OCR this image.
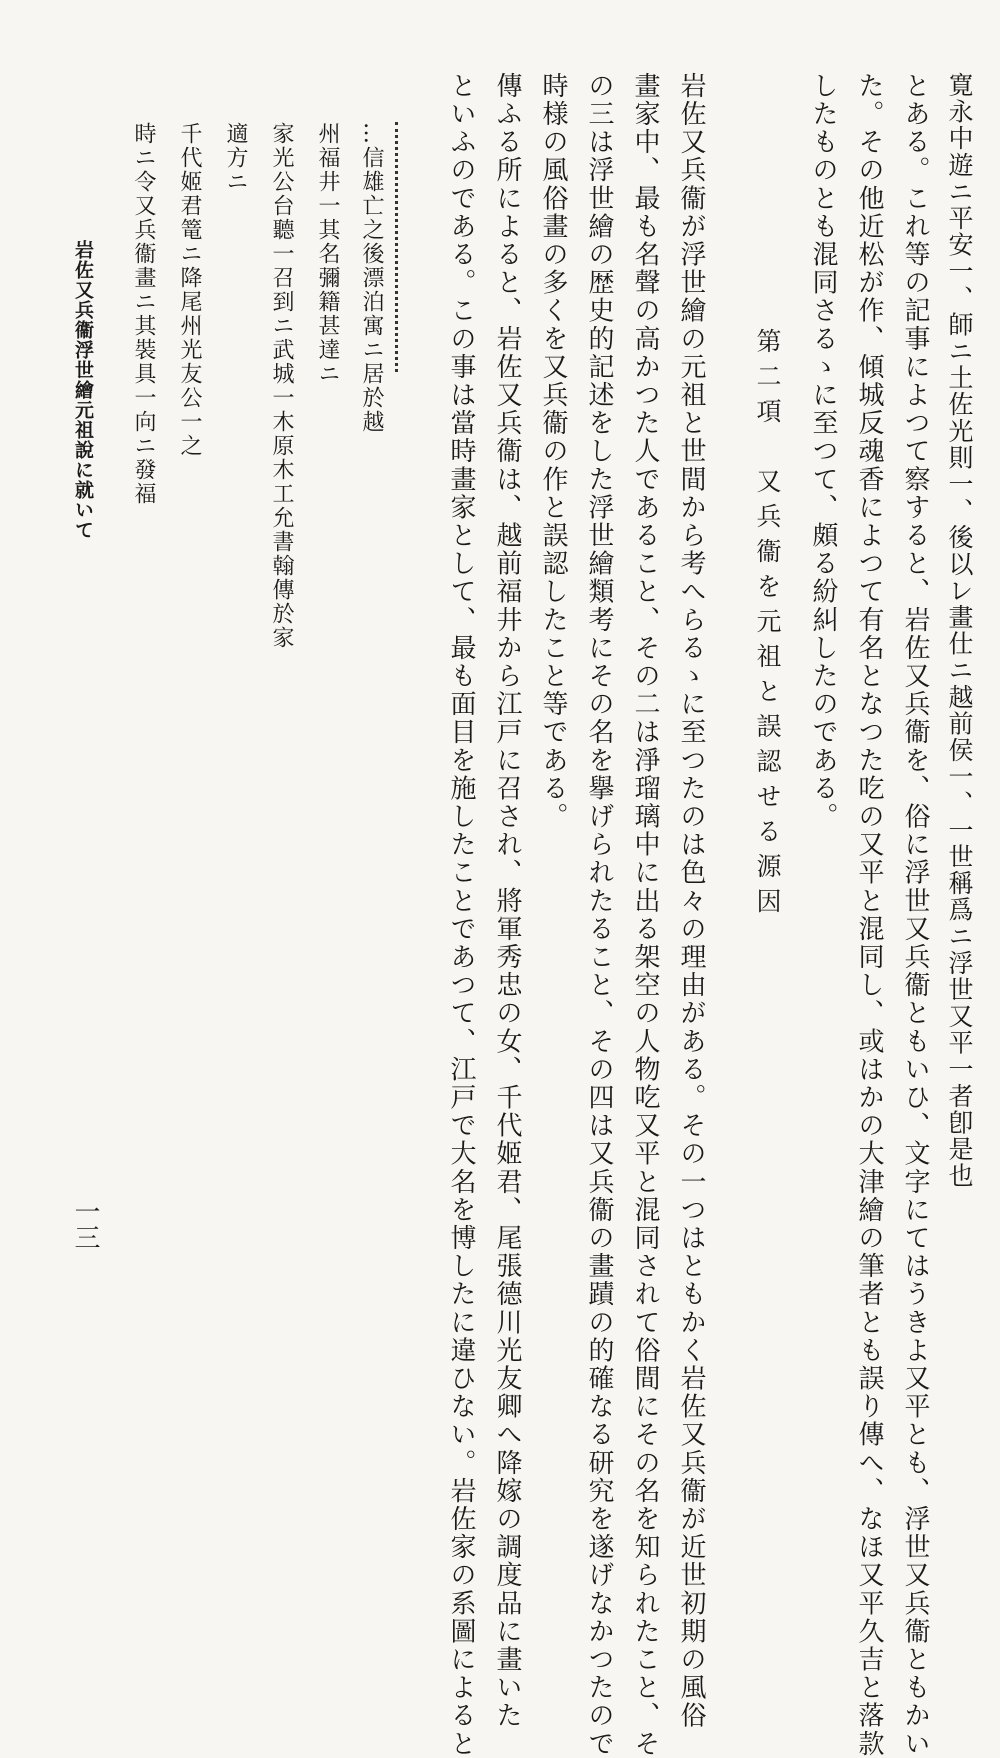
寛永中遊ニ平安一、師ニ土佐光則一、後以レ畫仕ニ越前侯一、一世稱爲ニ浮世又平一者卽是也
とある。これ等の記事によつて察すると、岩佐又兵衞を、俗に浮世又兵衞ともいひ、文字にてはうきよ又平とも、浮世又兵衞ともかい
た。その他近松が作、傾城反魂香によつて有名となつた吃の又平と混同し、或はかの大津繪の筆者とも誤り傳へ、なほ又平久吉と落款
したものとも混同さるゝに至つて、頗る紛糾したのである。
第二項　又兵衞を元祖と誤認せる源因
岩佐又兵衞が浮世繪の元祖と世間から考へらるゝに至つたのは色々の理由がある。その一つはともかく岩佐又兵衞が近世初期の風俗
畫家中、最も名聲の高かつた人であること、その二は淨瑠璃中に出る架空の人物吃又平と混同されて俗間にその名を知られたこと、そ
の三は浮世繪の歴史的記述をした浮世繪類考にその名を擧げられたること、その四は又兵衞の畫蹟の的確なる研究を遂げなかつたので
時様の風俗畫の多くを又兵衞の作と誤認したこと等である。
傳ふる所によると、岩佐又兵衞は、越前福井から江戸に召され、將軍秀忠の女、千代姬君、尾張德川光友卿へ降嫁の調度品に畫いた
といふのである。この事は當時畫家として、最も面目を施したことであつて、江戸で大名を博したに違ひない。岩佐家の系圖によると
…信雄亡之後漂泊寓ニ居於越
州福井一其名彌籍甚達ニ
家光公台聽一召到ニ武城一木原木工允書翰傳於家
適方ニ
千代姬君篭ニ降尾州光友公一之
時ニ令又兵衞畫ニ其裝具一向ニ發福
岩佐又兵衞浮世繪元祖說に就いて
一三
